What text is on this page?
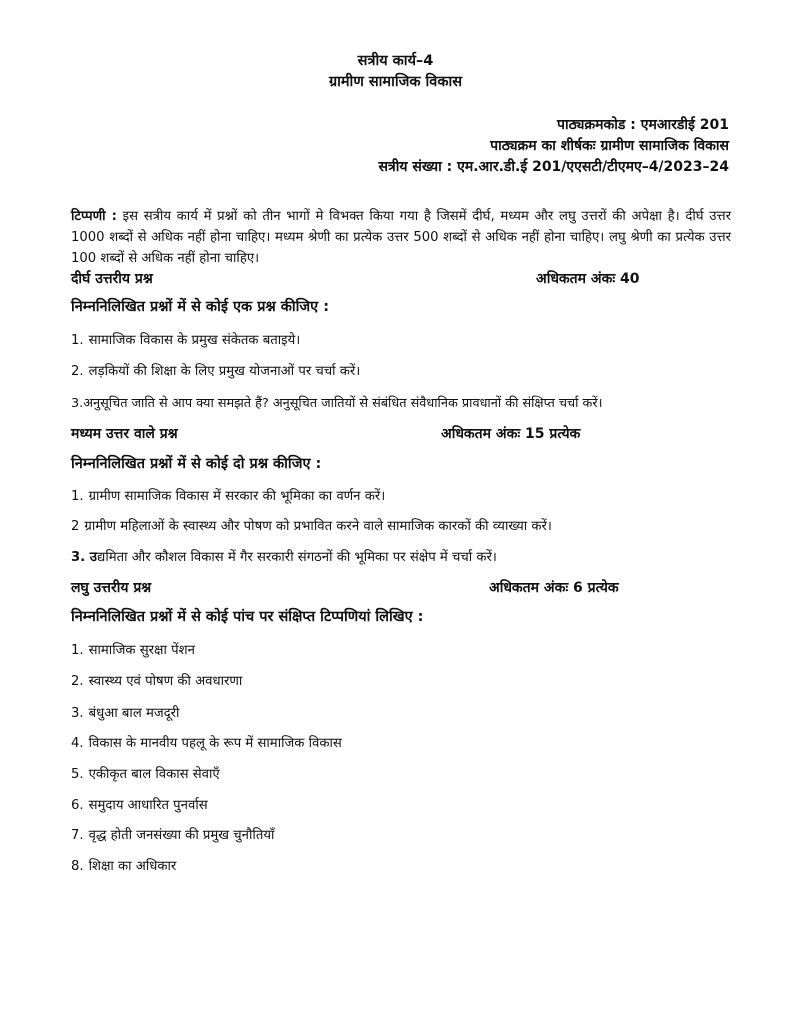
सत्रीय कार्य–4
ग्रामीण सामाजिक विकास
पाठ्यक्रमकोड : एमआरडीई 201
पाठ्यक्रम का शीर्षकः ग्रामीण सामाजिक विकास
सत्रीय संख्या : एम.आर.डी.ई 201/एएसटी/टीएमए–4/2023–24
टिप्पणी : इस सत्रीय कार्य में प्रश्नों को तीन भागों मे विभक्त किया गया है जिसमें दीर्घ, मध्यम और लघु उत्तरों की अपेक्षा है। दीर्घ उत्तर 1000 शब्दों से अधिक नहीं होना चाहिए। मध्यम श्रेणी का प्रत्येक उत्तर 500 शब्दों से अधिक नहीं होना चाहिए। लघु श्रेणी का प्रत्येक उत्तर 100 शब्दों से अधिक नहीं होना चाहिए।
दीर्घ उत्तरीय प्रश्न	अधिकतम अंकः 40
निम्ननिलिखित प्रश्नों में से कोई एक प्रश्न कीजिए :
1. सामाजिक विकास के प्रमुख संकेतक बताइये।
2. लड़कियों की शिक्षा के लिए प्रमुख योजनाओं पर चर्चा करें।
3.अनुसूचित जाति से आप क्या समझते हैं? अनुसूचित जातियों से संबंधित संवैधानिक प्रावधानों की संक्षिप्त चर्चा करें।
मध्यम उत्तर वाले प्रश्न	अधिकतम अंकः 15 प्रत्येक
निम्ननिलिखित प्रश्नों में से कोई दो प्रश्न कीजिए :
1. ग्रामीण सामाजिक विकास में सरकार की भूमिका का वर्णन करें।
2 ग्रामीण महिलाओं के स्वास्थ्य और पोषण को प्रभावित करने वाले सामाजिक कारकों की व्याख्या करें।
3. उद्यमिता और कौशल विकास में गैर सरकारी संगठनों की भूमिका पर संक्षेप में चर्चा करें।
लघु उत्तरीय प्रश्न	अधिकतम अंकः 6 प्रत्येक
निम्ननिलिखित प्रश्नों में से कोई पांच पर संक्षिप्त टिप्पणियां लिखिए :
1. सामाजिक सुरक्षा पेंशन
2. स्वास्थ्य एवं पोषण की अवधारणा
3. बंधुआ बाल मजदूरी
4. विकास के मानवीय पहलू के रूप में सामाजिक विकास
5. एकीकृत बाल विकास सेवाएँ
6. समुदाय आधारित पुनर्वास
7. वृद्ध होती जनसंख्या की प्रमुख चुनौतियाँ
8. शिक्षा का अधिकार
